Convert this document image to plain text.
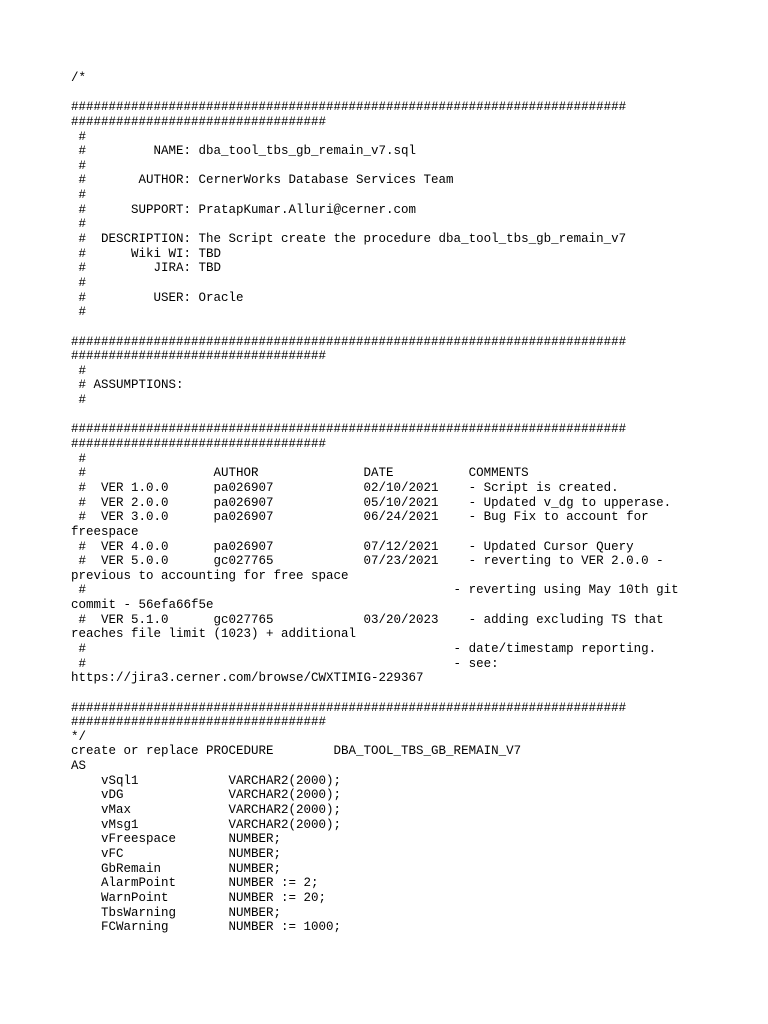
/*
##########################################################################
##################################
#
#         NAME: dba_tool_tbs_gb_remain_v7.sql
#
#       AUTHOR: CernerWorks Database Services Team
#
#      SUPPORT: PratapKumar.Alluri@cerner.com
#
#  DESCRIPTION: The Script create the procedure dba_tool_tbs_gb_remain_v7
#      Wiki WI: TBD
#         JIRA: TBD
#
#         USER: Oracle
#
##########################################################################
##################################
#
# ASSUMPTIONS:
#
##########################################################################
##################################
#
#                 AUTHOR              DATE          COMMENTS
#  VER 1.0.0      pa026907            02/10/2021    - Script is created.
#  VER 2.0.0      pa026907            05/10/2021    - Updated v_dg to upperase.
#  VER 3.0.0      pa026907            06/24/2021    - Bug Fix to account for
freespace
#  VER 4.0.0      pa026907            07/12/2021    - Updated Cursor Query
#  VER 5.0.0      gc027765            07/23/2021    - reverting to VER 2.0.0 -
previous to accounting for free space
#                                                 - reverting using May 10th git
commit - 56efa66f5e
#  VER 5.1.0      gc027765            03/20/2023    - adding excluding TS that
reaches file limit (1023) + additional
#                                                 - date/timestamp reporting.
#                                                 - see:
https://jira3.cerner.com/browse/CWXTIMIG-229367
##########################################################################
##################################
*/
create or replace PROCEDURE        DBA_TOOL_TBS_GB_REMAIN_V7
AS
vSql1            VARCHAR2(2000);
vDG              VARCHAR2(2000);
vMax             VARCHAR2(2000);
vMsg1            VARCHAR2(2000);
vFreespace       NUMBER;
vFC              NUMBER;
GbRemain         NUMBER;
AlarmPoint       NUMBER := 2;
WarnPoint        NUMBER := 20;
TbsWarning       NUMBER;
FCWarning        NUMBER := 1000;
